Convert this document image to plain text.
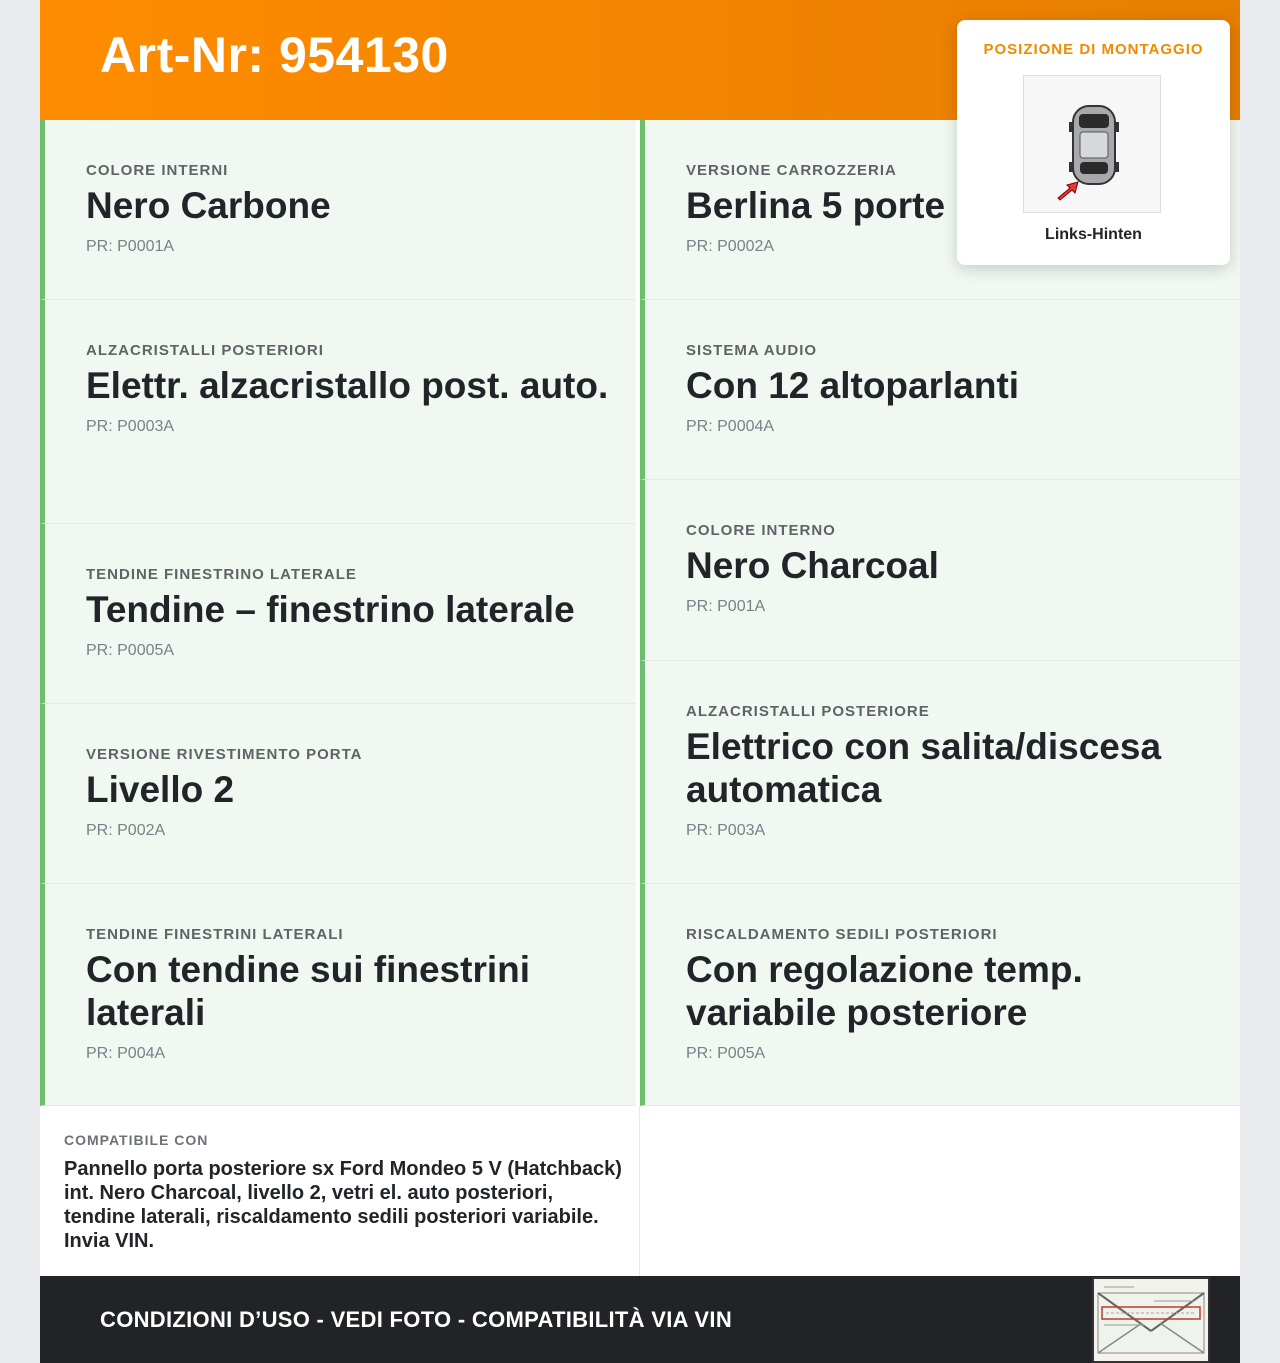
Art-Nr: 954130
COLORE INTERNI
Nero Carbone
PR: P0001A
ALZACRISTALLI POSTERIORI
Elettr. alzacristallo post. auto.
PR: P0003A
TENDINE FINESTRINO LATERALE
Tendine – finestrino laterale
PR: P0005A
VERSIONE RIVESTIMENTO PORTA
Livello 2
PR: P002A
TENDINE FINESTRINI LATERALI
Con tendine sui finestrini laterali
PR: P004A
VERSIONE CARROZZERIA
Berlina 5 porte
PR: P0002A
SISTEMA AUDIO
Con 12 altoparlanti
PR: P0004A
COLORE INTERNO
Nero Charcoal
PR: P001A
ALZACRISTALLI POSTERIORE
Elettrico con salita/discesa automatica
PR: P003A
RISCALDAMENTO SEDILI POSTERIORI
Con regolazione temp. variabile posteriore
PR: P005A
COMPATIBILE CON
Pannello porta posteriore sx Ford Mondeo 5 V (Hatchback) int. Nero Charcoal, livello 2, vetri el. auto posteriori, tendine laterali, riscaldamento sedili posteriori variabile. Invia VIN.
CONDIZIONI D’USO - VEDI FOTO - COMPATIBILITÀ VIA VIN
POSIZIONE DI MONTAGGIO
Links-Hinten
